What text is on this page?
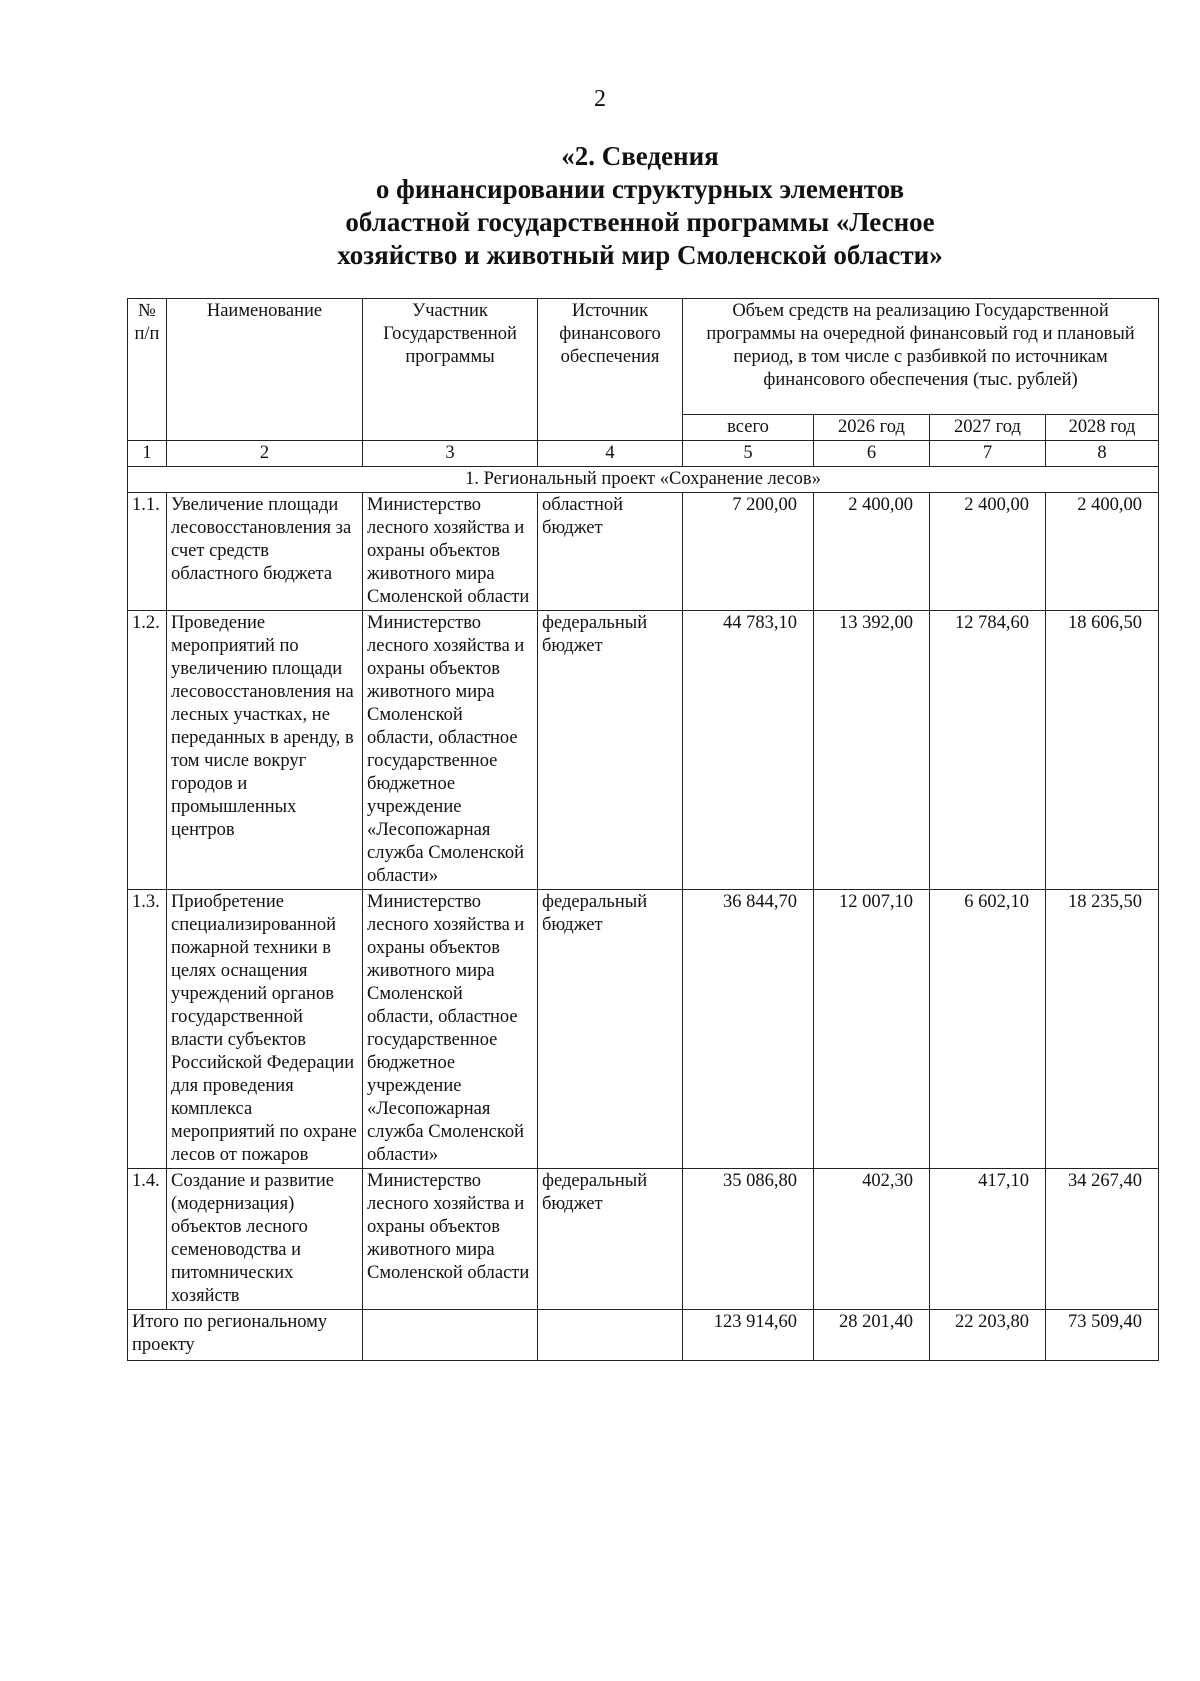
2
«2. Сведения
о финансировании структурных элементов
областной государственной программы «Лесное
хозяйство и животный мир Смоленской области»
№ п/п	Наименование	Участник Государственной программы	Источник финансового обеспечения	Объем средств на реализацию Государственной программы на очередной финансовый год и плановый период, в том числе с разбивкой по источникам финансового обеспечения (тыс. рублей)			
				всего	2026 год	2027 год	2028 год
1	2	3	4	5	6	7	8
1. Региональный проект «Сохранение лесов»							
1.1.	Увеличение площади лесовосстановления за счет средств областного бюджета	Министерство лесного хозяйства и охраны объектов животного мира Смоленской области	областной бюджет	7 200,00	2 400,00	2 400,00	2 400,00
1.2.	Проведение мероприятий по увеличению площади лесовосстановления на лесных участках, не переданных в аренду, в том числе вокруг городов и промышленных центров	Министерство лесного хозяйства и охраны объектов животного мира Смоленской области, областное государственное бюджетное учреждение «Лесопожарная служба Смоленской области»	федеральный бюджет	44 783,10	13 392,00	12 784,60	18 606,50
1.3.	Приобретение специализированной пожарной техники в целях оснащения учреждений органов государственной власти субъектов Российской Федерации для проведения комплекса мероприятий по охране лесов от пожаров	Министерство лесного хозяйства и охраны объектов животного мира Смоленской области, областное государственное бюджетное учреждение «Лесопожарная служба Смоленской области»	федеральный бюджет	36 844,70	12 007,10	6 602,10	18 235,50
1.4.	Создание и развитие (модернизация) объектов лесного семеноводства и питомнических хозяйств	Министерство лесного хозяйства и охраны объектов животного мира Смоленской области	федеральный бюджет	35 086,80	402,30	417,10	34 267,40
Итого по региональному проекту				123 914,60	28 201,40	22 203,80	73 509,40
